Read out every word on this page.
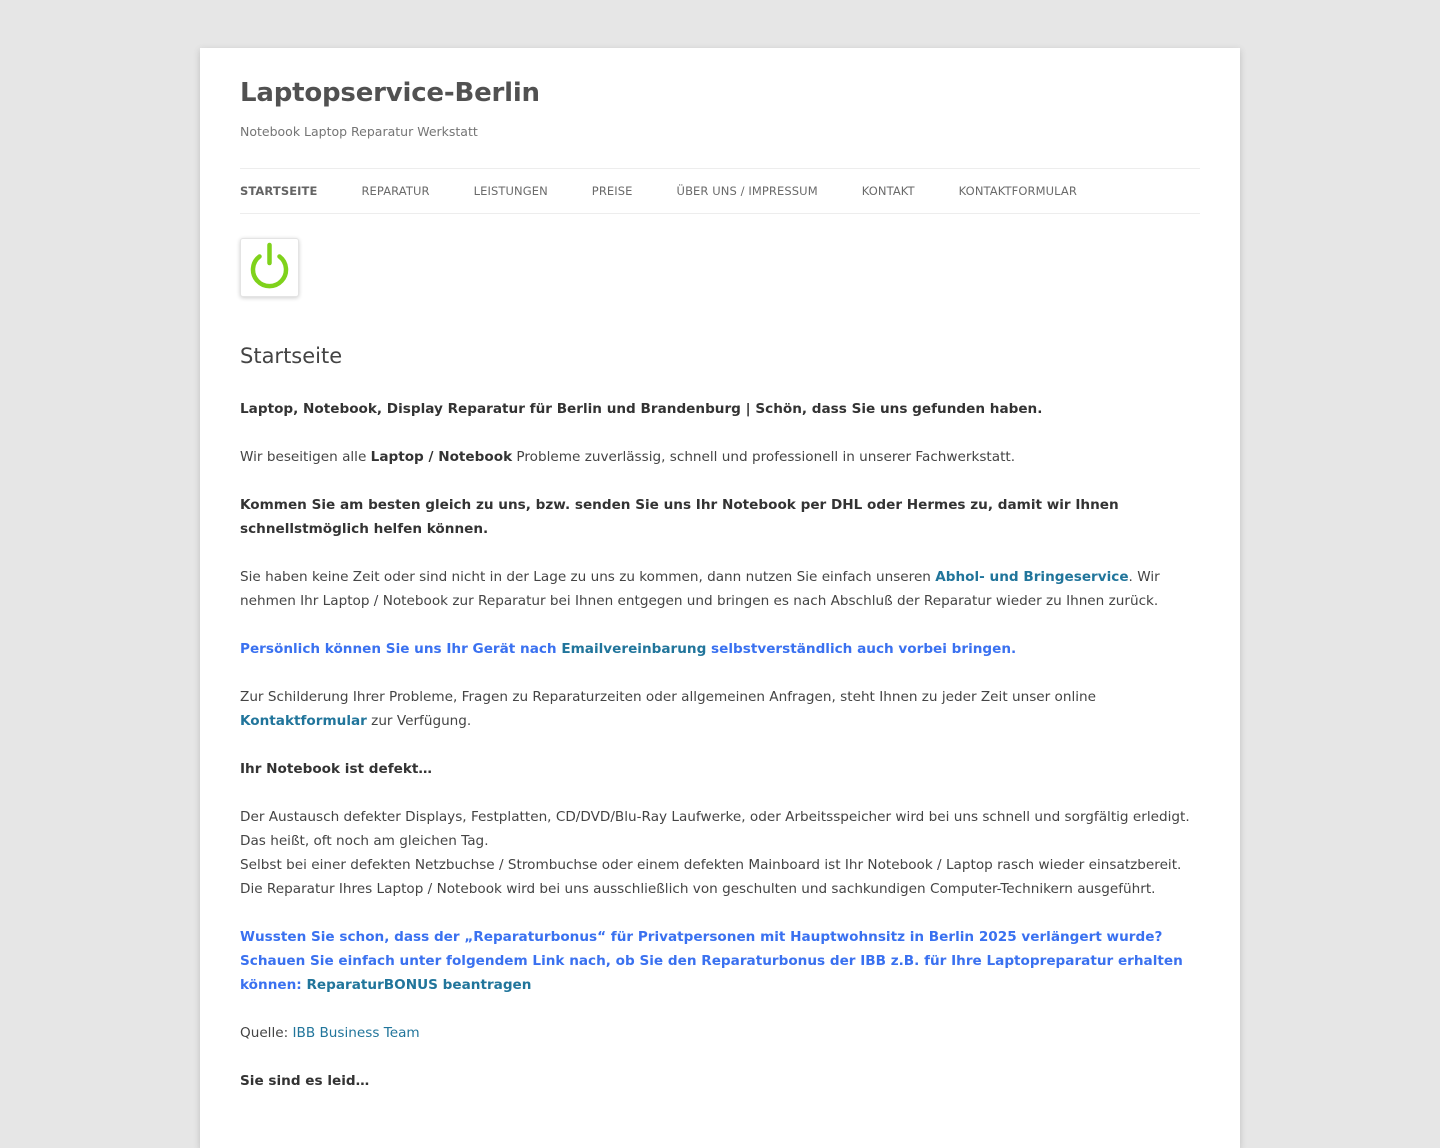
Laptopservice-Berlin

Notebook Laptop Reparatur Werkstatt

STARTSEITE	REPARATUR	LEISTUNGEN	PREISE	ÜBER UNS / IMPRESSUM	KONTAKT	KONTAKTFORMULAR
Startseite

Laptop, Notebook, Display Reparatur für Berlin und Brandenburg | Schön, dass Sie uns gefunden haben.

Wir beseitigen alle Laptop / Notebook Probleme zuverlässig, schnell und professionell in unserer Fachwerkstatt.

Kommen Sie am besten gleich zu uns, bzw. senden Sie uns Ihr Notebook per DHL oder Hermes zu, damit wir Ihnen schnellstmöglich helfen können.

Sie haben keine Zeit oder sind nicht in der Lage zu uns zu kommen, dann nutzen Sie einfach unseren Abhol- und Bringeservice. Wir nehmen Ihr Laptop / Notebook zur Reparatur bei Ihnen entgegen und bringen es nach Abschluß der Reparatur wieder zu Ihnen zurück.

Persönlich können Sie uns Ihr Gerät nach Emailvereinbarung selbstverständlich auch vorbei bringen.

Zur Schilderung Ihrer Probleme, Fragen zu Reparaturzeiten oder allgemeinen Anfragen, steht Ihnen zu jeder Zeit unser online Kontaktformular zur Verfügung.

Ihr Notebook ist defekt…

Der Austausch defekter Displays, Festplatten, CD/DVD/Blu-Ray Laufwerke, oder Arbeitsspeicher wird bei uns schnell und sorgfältig erledigt.
Das heißt, oft noch am gleichen Tag.
Selbst bei einer defekten Netzbuchse / Strombuchse oder einem defekten Mainboard ist Ihr Notebook / Laptop rasch wieder einsatzbereit.
Die Reparatur Ihres Laptop / Notebook wird bei uns ausschließlich von geschulten und sachkundigen Computer-Technikern ausgeführt.

Wussten Sie schon, dass der „Reparaturbonus“ für Privatpersonen mit Hauptwohnsitz in Berlin 2025 verlängert wurde? Schauen Sie einfach unter folgendem Link nach, ob Sie den Reparaturbonus der IBB z.B. für Ihre Laptopreparatur erhalten können: ReparaturBONUS beantragen

Quelle: IBB Business Team

Sie sind es leid…
